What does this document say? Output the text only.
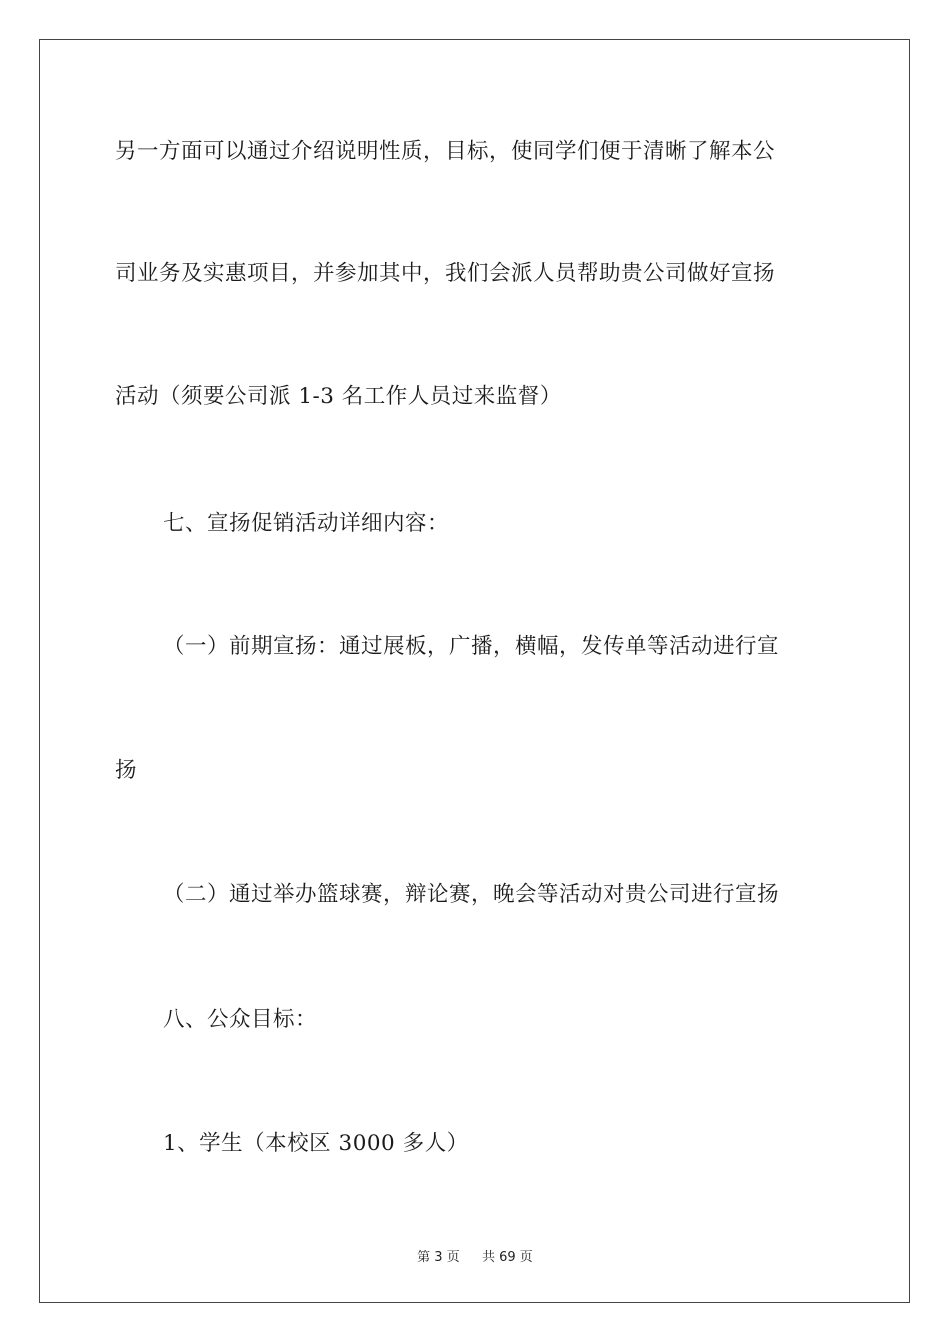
另一方面可以通过介绍说明性质，目标，使同学们便于清晰了解本公
司业务及实惠项目，并参加其中，我们会派人员帮助贵公司做好宣扬
活动（须要公司派 1-3 名工作人员过来监督）
七、宣扬促销活动详细内容：
（一）前期宣扬：通过展板，广播，横幅，发传单等活动进行宣
扬
（二）通过举办篮球赛，辩论赛，晚会等活动对贵公司进行宣扬
八、公众目标：
1、学生（本校区 3000 多人）
第 3 页 共 69 页
